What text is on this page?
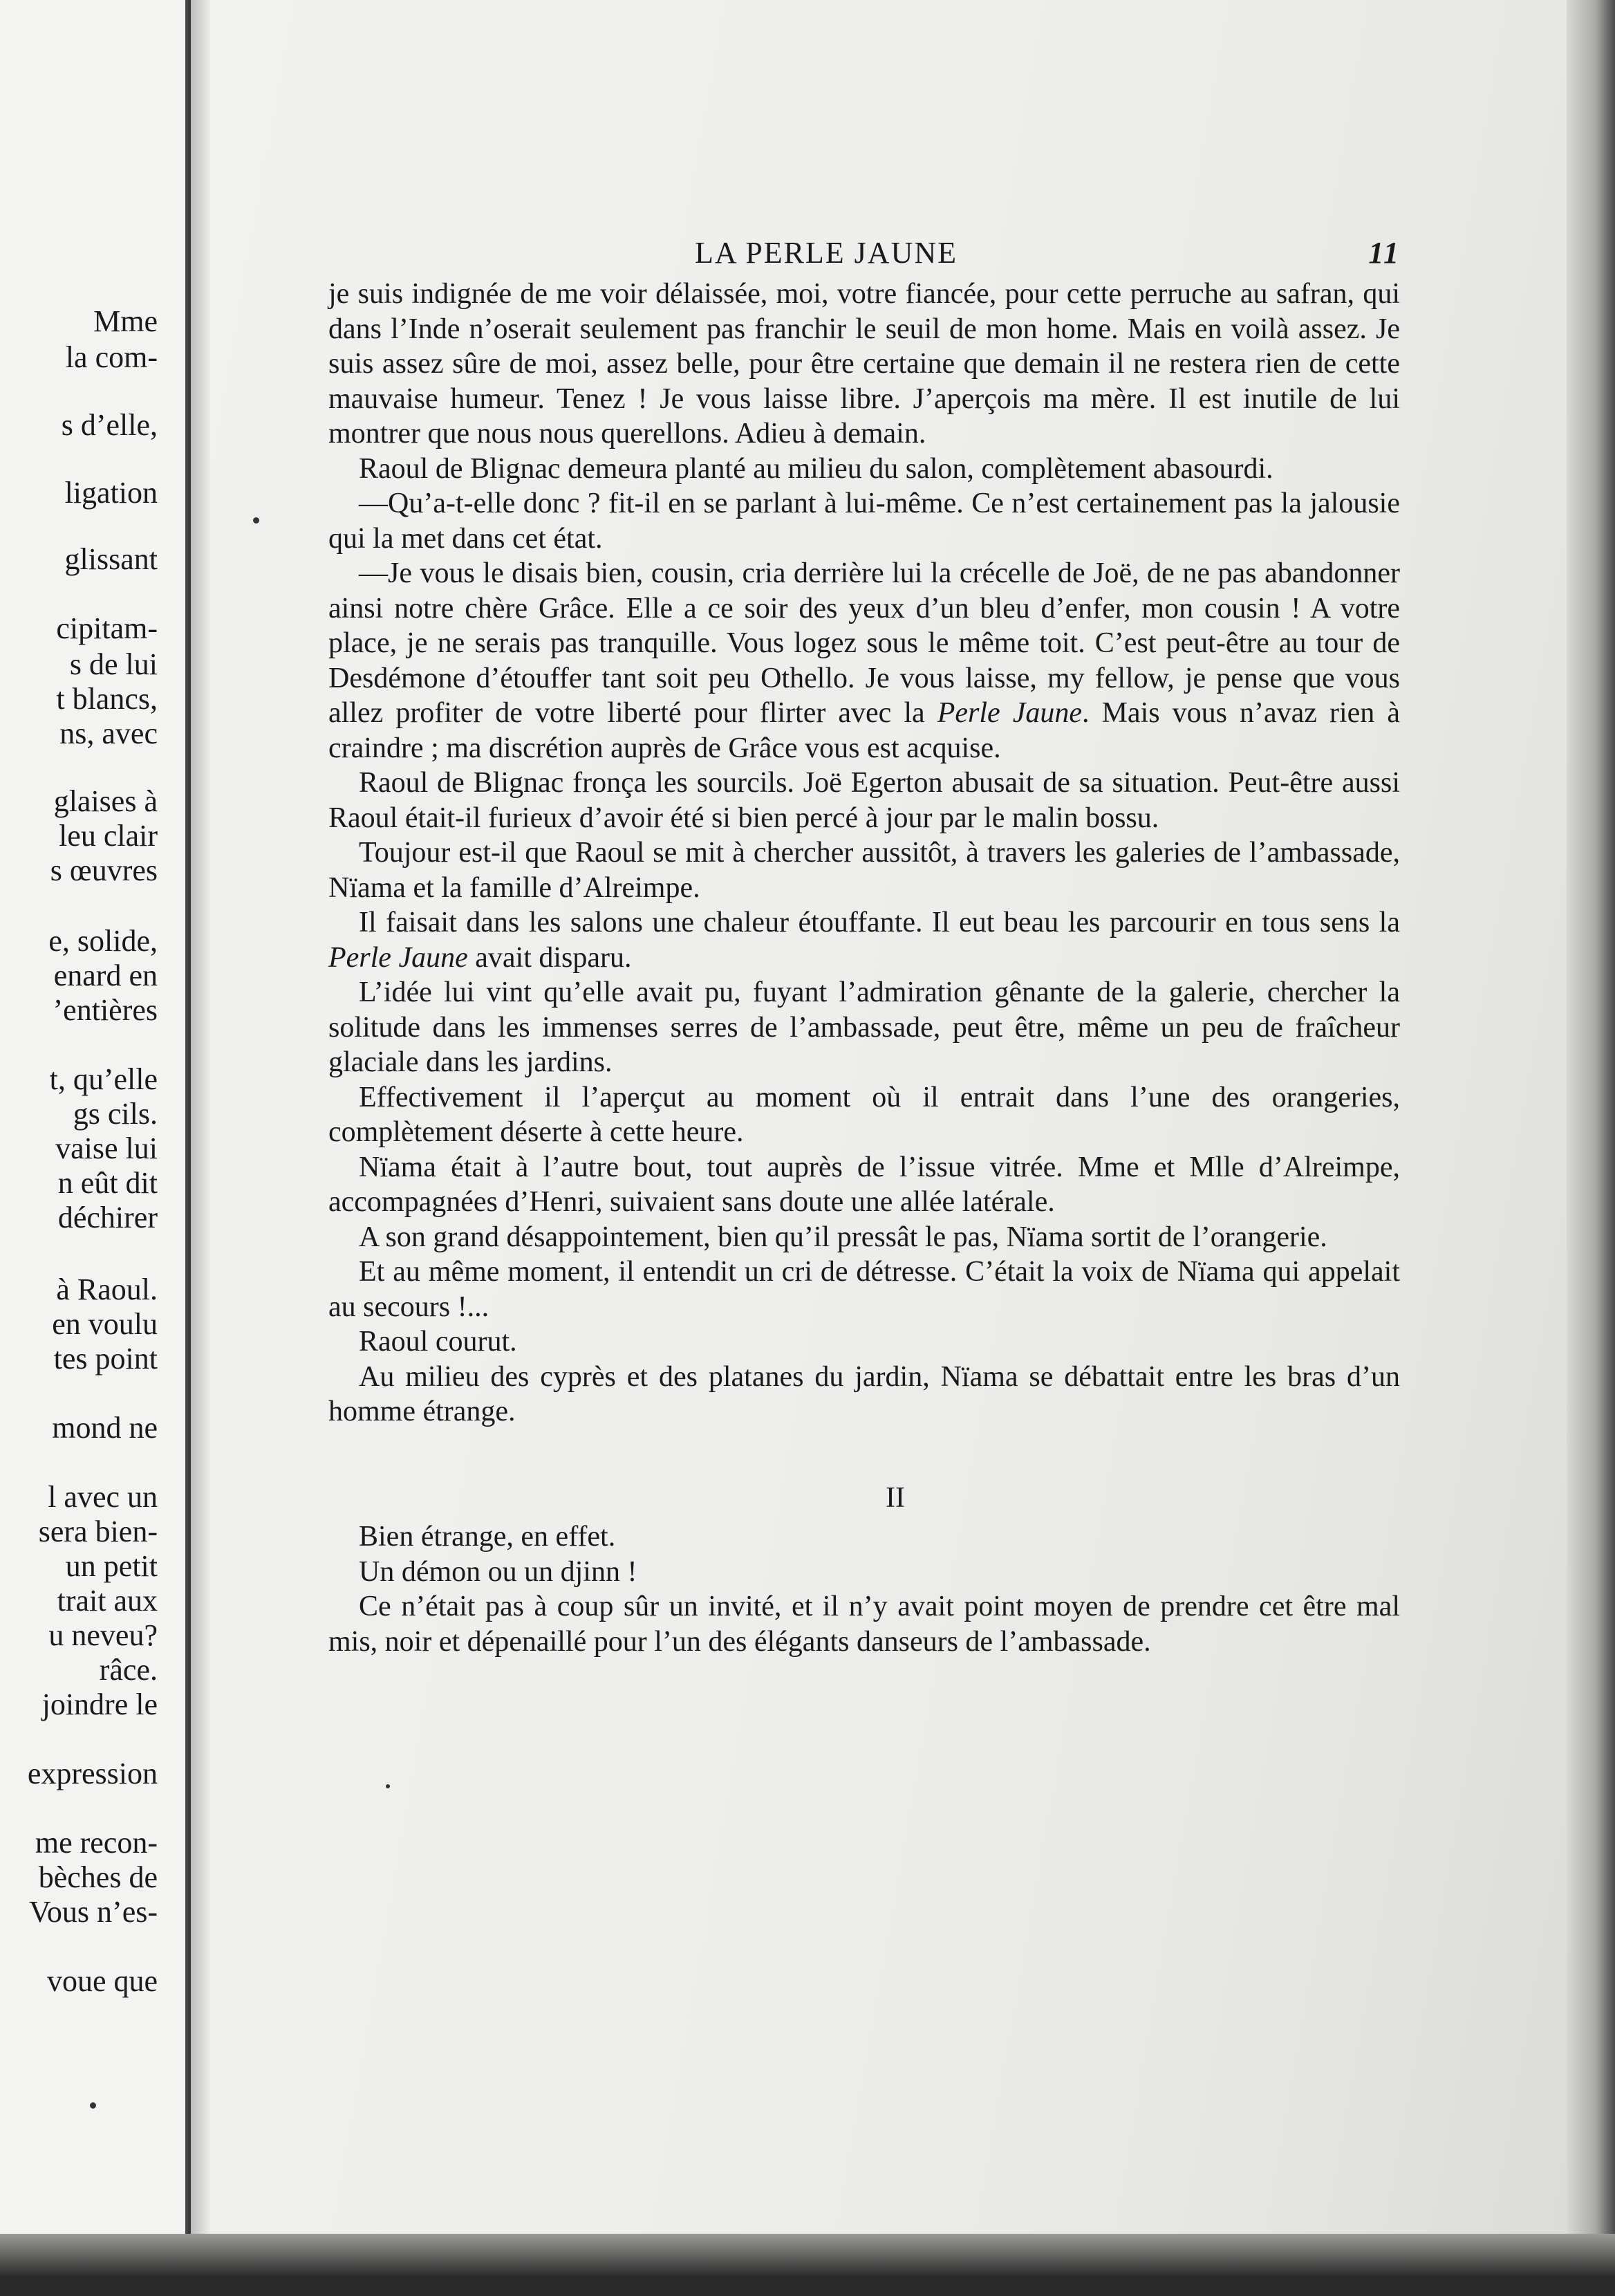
Mme
la com-
s d’elle,
ligation
glissant
cipitam-
s de lui
t blancs,
ns, avec
glaises à
leu clair
s œuvres
e, solide,
enard en
’entières
t, qu’elle
gs cils.
vaise lui
n eût dit
déchirer
à Raoul.
en voulu
tes point
mond ne
l avec un
sera bien-
un petit
trait aux
u neveu?
râce.
joindre le
expression
me recon-
bèches de
Vous n’es-
voue que
LA PERLE JAUNE	11

je suis indignée de me voir délaissée, moi, votre fiancée, pour cette perruche au safran, qui dans l’Inde n’oserait seulement pas franchir le seuil de mon home. Mais en voilà assez. Je suis assez sûre de moi, assez belle, pour être certaine que demain il ne restera rien de cette mauvaise humeur. Tenez ! Je vous laisse libre. J’aperçois ma mère. Il est inutile de lui montrer que nous nous querellons. Adieu à demain.

Raoul de Blignac demeura planté au milieu du salon, complètement abasourdi.

—Qu’a-t-elle donc ? fit-il en se parlant à lui-même. Ce n’est certainement pas la jalousie qui la met dans cet état.

—Je vous le disais bien, cousin, cria derrière lui la crécelle de Joë, de ne pas abandonner ainsi notre chère Grâce. Elle a ce soir des yeux d’un bleu d’enfer, mon cousin ! A votre place, je ne serais pas tranquille. Vous logez sous le même toit. C’est peut-être au tour de Desdémone d’étouffer tant soit peu Othello. Je vous laisse, my fellow, je pense que vous allez profiter de votre liberté pour flirter avec la Perle Jaune. Mais vous n’avaz rien à craindre ; ma discrétion auprès de Grâce vous est acquise.

Raoul de Blignac fronça les sourcils. Joë Egerton abusait de sa situation. Peut-être aussi Raoul était-il furieux d’avoir été si bien percé à jour par le malin bossu.

Toujour est-il que Raoul se mit à chercher aussitôt, à travers les galeries de l’ambassade, Nïama et la famille d’Alreimpe.

Il faisait dans les salons une chaleur étouffante. Il eut beau les parcourir en tous sens la Perle Jaune avait disparu.

L’idée lui vint qu’elle avait pu, fuyant l’admiration gênante de la galerie, chercher la solitude dans les immenses serres de l’ambassade, peut être, même un peu de fraîcheur glaciale dans les jardins.

Effectivement il l’aperçut au moment où il entrait dans l’une des orangeries, complètement déserte à cette heure.

Nïama était à l’autre bout, tout auprès de l’issue vitrée. Mme et Mlle d’Alreimpe, accompagnées d’Henri, suivaient sans doute une allée latérale.

A son grand désappointement, bien qu’il pressât le pas, Nïama sortit de l’orangerie.

Et au même moment, il entendit un cri de détresse. C’était la voix de Nïama qui appelait au secours !...

Raoul courut.

Au milieu des cyprès et des platanes du jardin, Nïama se débattait entre les bras d’un homme étrange.

II

Bien étrange, en effet.

Un démon ou un djinn !

Ce n’était pas à coup sûr un invité, et il n’y avait point moyen de prendre cet être mal mis, noir et dépenaillé pour l’un des élégants danseurs de l’ambassade.
